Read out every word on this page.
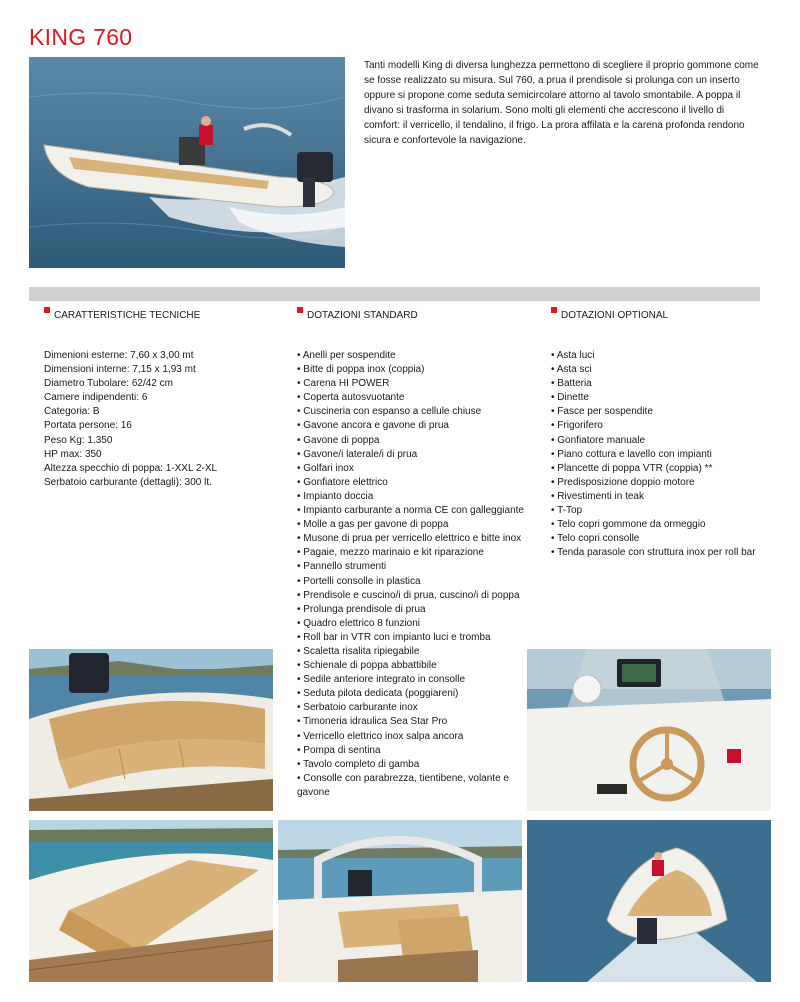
KING 760

Tanti modelli King di diversa lunghezza permettono di scegliere il proprio gommone come se fosse realizzato su misura. Sul 760, a prua il prendisole si prolunga con un inserto oppure si propone come seduta semicircolare attorno al tavolo smontabile. A poppa il divano si trasforma in solarium. Sono molti gli elementi che accrescono il livello di comfort: il verricello, il tendalino, il frigo. La prora affilata e la carena profonda rendono sicura e confortevole la navigazione.

CARATTERISTICHE TECNICHE	DOTAZIONI STANDARD	DOTAZIONI OPTIONAL
Dimenioni esterne: 7,60 x 3,00 mt
Dimensioni interne: 7,15 x 1,93 mt
Diametro Tubolare: 62/42 cm
Camere indipendenti: 6
Categoria: B
Portata persone: 16
Peso Kg: 1.350
HP max: 350
Altezza specchio di poppa: 1-XXL 2-XL
Serbatoio carburante (dettagli): 300 lt.
• Anelli per sospendite
• Bitte di poppa inox (coppia)
• Carena HI POWER
• Coperta autosvuotante
• Cuscineria con espanso a cellule chiuse
• Gavone ancora e gavone di prua
• Gavone di poppa
• Gavone/i laterale/i di prua
• Golfari inox
• Gonfiatore elettrico
• Impianto doccia
• Impianto carburante a norma CE con galleggiante
• Molle a gas per gavone di poppa
• Musone di prua per verricello elettrico e bitte inox
• Pagaie, mezzo marinaio e kit riparazione
• Pannello strumenti
• Portelli consolle in plastica
• Prendisole e cuscino/i di prua, cuscino/i di poppa
• Prolunga prendisole di prua
• Quadro elettrico 8 funzioni
• Roll bar in VTR con impianto luci e tromba
• Scaletta risalita ripiegabile
• Schienale di poppa abbattibile
• Sedile anteriore integrato in consolle
• Seduta pilota dedicata (poggiareni)
• Serbatoio carburante inox
• Timoneria idraulica Sea Star Pro
• Verricello elettrico inox salpa ancora
• Pompa di sentina
• Tavolo completo di gamba
• Consolle con parabrezza, tientibene, volante e gavone
• Asta luci
• Asta sci
• Batteria
• Dinette
• Fasce per sospendite
• Frigorifero
• Gonfiatore manuale
• Piano cottura e lavello con impianti
• Plancette di poppa VTR (coppia) **
• Predisposizione doppio motore
• Rivestimenti in teak
• T-Top
• Telo copri gommone da ormeggio
• Telo copri consolle
• Tenda parasole con struttura inox per roll bar
